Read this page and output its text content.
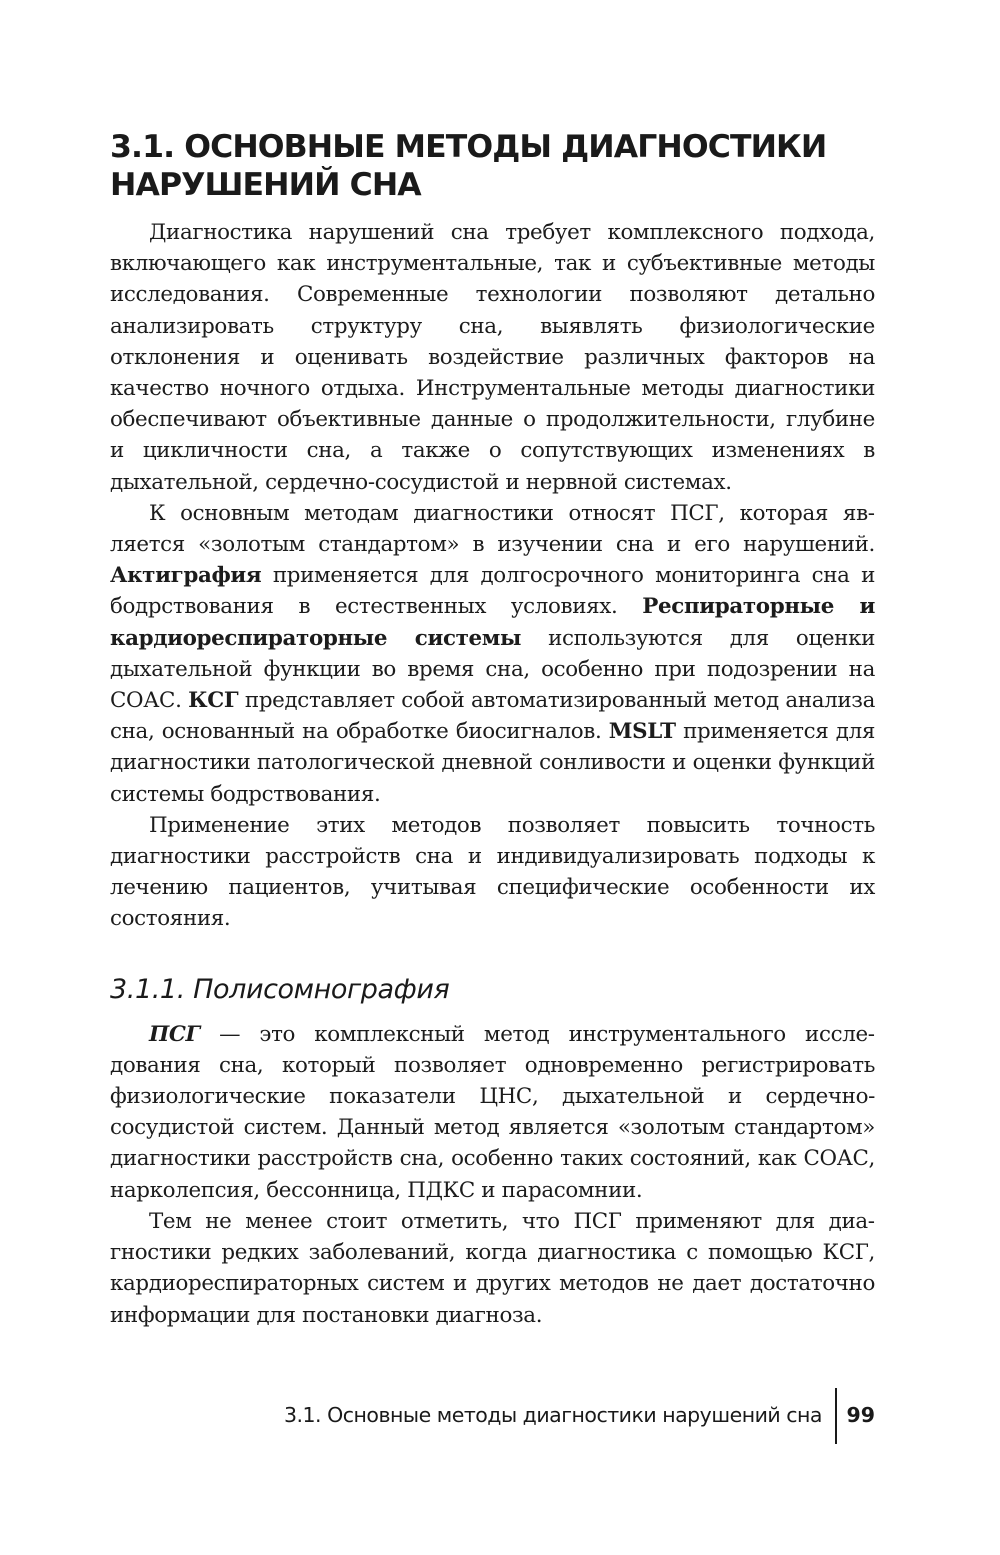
3.1. ОСНОВНЫЕ МЕТОДЫ ДИАГНОСТИКИ
НАРУШЕНИЙ СНА

Диагностика нарушений сна требует комплексного подхода, включающего как инструментальные, так и субъективные методы исследования. Современные технологии позволяют детально анализировать структуру сна, выявлять физиологические отклонения и оценивать воздействие различных факторов на качество ночного отдыха. Инструментальные методы диагностики обеспечивают объективные данные о продолжительности, глубине и цикличности сна, а также о сопутствующих изменениях в дыхательной, сердечно-сосудистой и нервной системах.

К основным методам диагностики относят ПСГ, которая является «золотым стандартом» в изучении сна и его нарушений. Актиграфия применяется для долгосрочного мониторинга сна и бодрствования в естественных условиях. Респираторные и кардиореспираторные системы используются для оценки дыхательной функции во время сна, особенно при подозрении на СОАС. КСГ представляет собой автоматизированный метод анализа сна, основанный на обработке биосигналов. MSLT применяется для диагностики патологической дневной сонливости и оценки функций системы бодрствования.

Применение этих методов позволяет повысить точность диагностики расстройств сна и индивидуализировать подходы к лечению пациентов, учитывая специфические особенности их состояния.

3.1.1. Полисомнография

ПСГ — это комплексный метод инструментального исследования сна, который позволяет одновременно регистрировать физиологические показатели ЦНС, дыхательной и сердечно-сосудистой систем. Данный метод является «золотым стандартом» диагностики расстройств сна, особенно таких состояний, как СОАС, нарколепсия, бессонница, ПДКС и парасомнии.

Тем не менее стоит отметить, что ПСГ применяют для диагностики редких заболеваний, когда диагностика с помощью КСГ, кардиореспираторных систем и других методов не дает достаточно информации для постановки диагноза.

3.1. Основные методы диагностики нарушений сна 99
